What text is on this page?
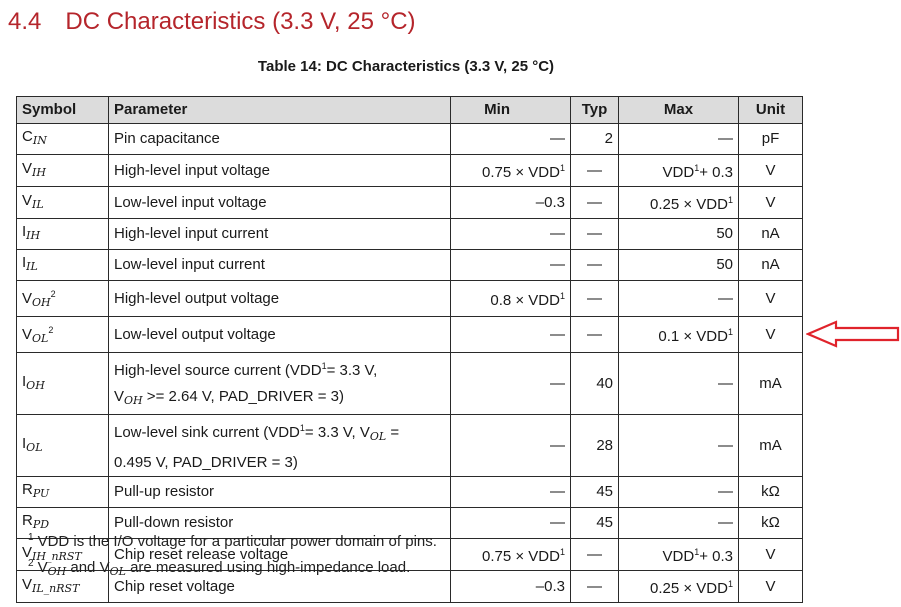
4.4 DC Characteristics (3.3 V, 25 °C)
Table 14: DC Characteristics (3.3 V, 25 °C)
Symbol	Parameter	Min	Typ	Max	Unit
$C_{IN}$	Pin capacitance	—	2	—	pF
$V_{IH}$	High-level input voltage	$0.75 \times VDD^1$	—	$VDD^1+ 0.3$	V
$V_{IL}$	Low-level input voltage	–0.3	—	$0.25 \times VDD^1$	V
$I_{IH}$	High-level input current	—	—	50	nA
$I_{IL}$	Low-level input current	—	—	50	nA
$V_{OH}^2$	High-level output voltage	$0.8 \times VDD^1$	—	—	V
$V_{OL}^2$	Low-level output voltage	—	—	$0.1 \times VDD^1$	V
$I_{OH}$	High-level source current ($VDD^1= 3.3$ V,
$V_{OH} >= 2.64$ V, PAD_DRIVER = 3)	—	40	—	mA
$I_{OL}$	Low-level sink current ($VDD^1= 3.3$ V, $V_{OL}$ =
0.495 V, PAD_DRIVER = 3)	—	28	—	mA
$R_{PU}$	Pull-up resistor	—	45	—	kΩ
$R_{PD}$	Pull-down resistor	—	45	—	kΩ
$V_{IH\_nRST}$	Chip reset release voltage	$0.75 \times VDD^1$	—	$VDD^1+ 0.3$	V
$V_{IL\_nRST}$	Chip reset voltage	–0.3	—	$0.25 \times VDD^1$	V
$^1$ VDD is the I/O voltage for a particular power domain of pins.
$^2$ $V_{OH}$ and $V_{OL}$ are measured using high-impedance load.
